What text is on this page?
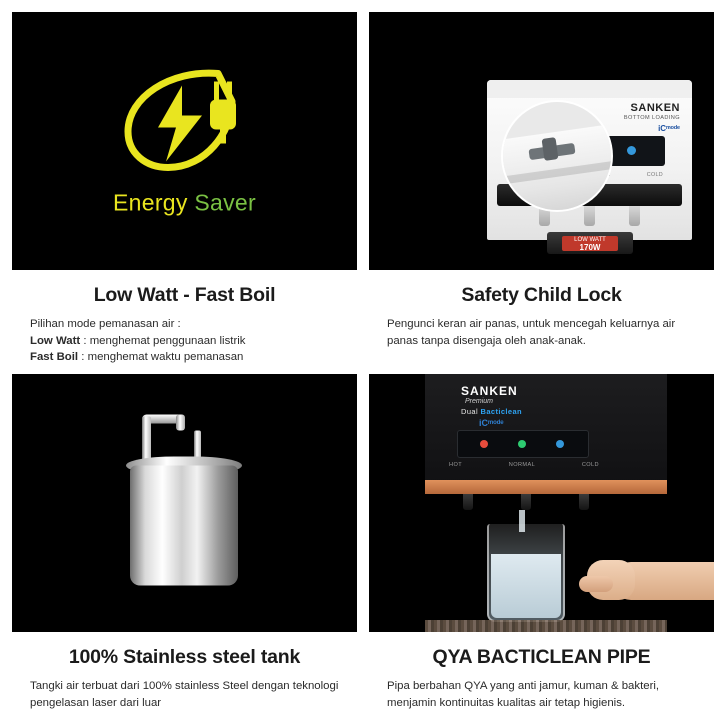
Energy Saver
Low Watt - Fast Boil
Pilihan mode pemanasan air :
Low Watt : menghemat penggunaan listrik
Fast Boil : menghemat waktu pemanasan
SANKEN
BOTTOM LOADING
iCᵐᵒᵈᵉ
COLD
LOW WATT
170W
Safety Child Lock
Pengunci keran air panas, untuk mencegah keluarnya air panas tanpa disengaja oleh anak-anak.
100% Stainless steel tank
Tangki air terbuat dari 100% stainless Steel dengan teknologi pengelasan laser dari luar
SANKEN
Premium
Dual Bacticlean
iCᵐᵒᵈᵉ
HOT	NORMAL	COLD
QYA BACTICLEAN PIPE
Pipa berbahan QYA yang anti jamur, kuman & bakteri, menjamin kontinuitas kualitas air tetap higienis.
